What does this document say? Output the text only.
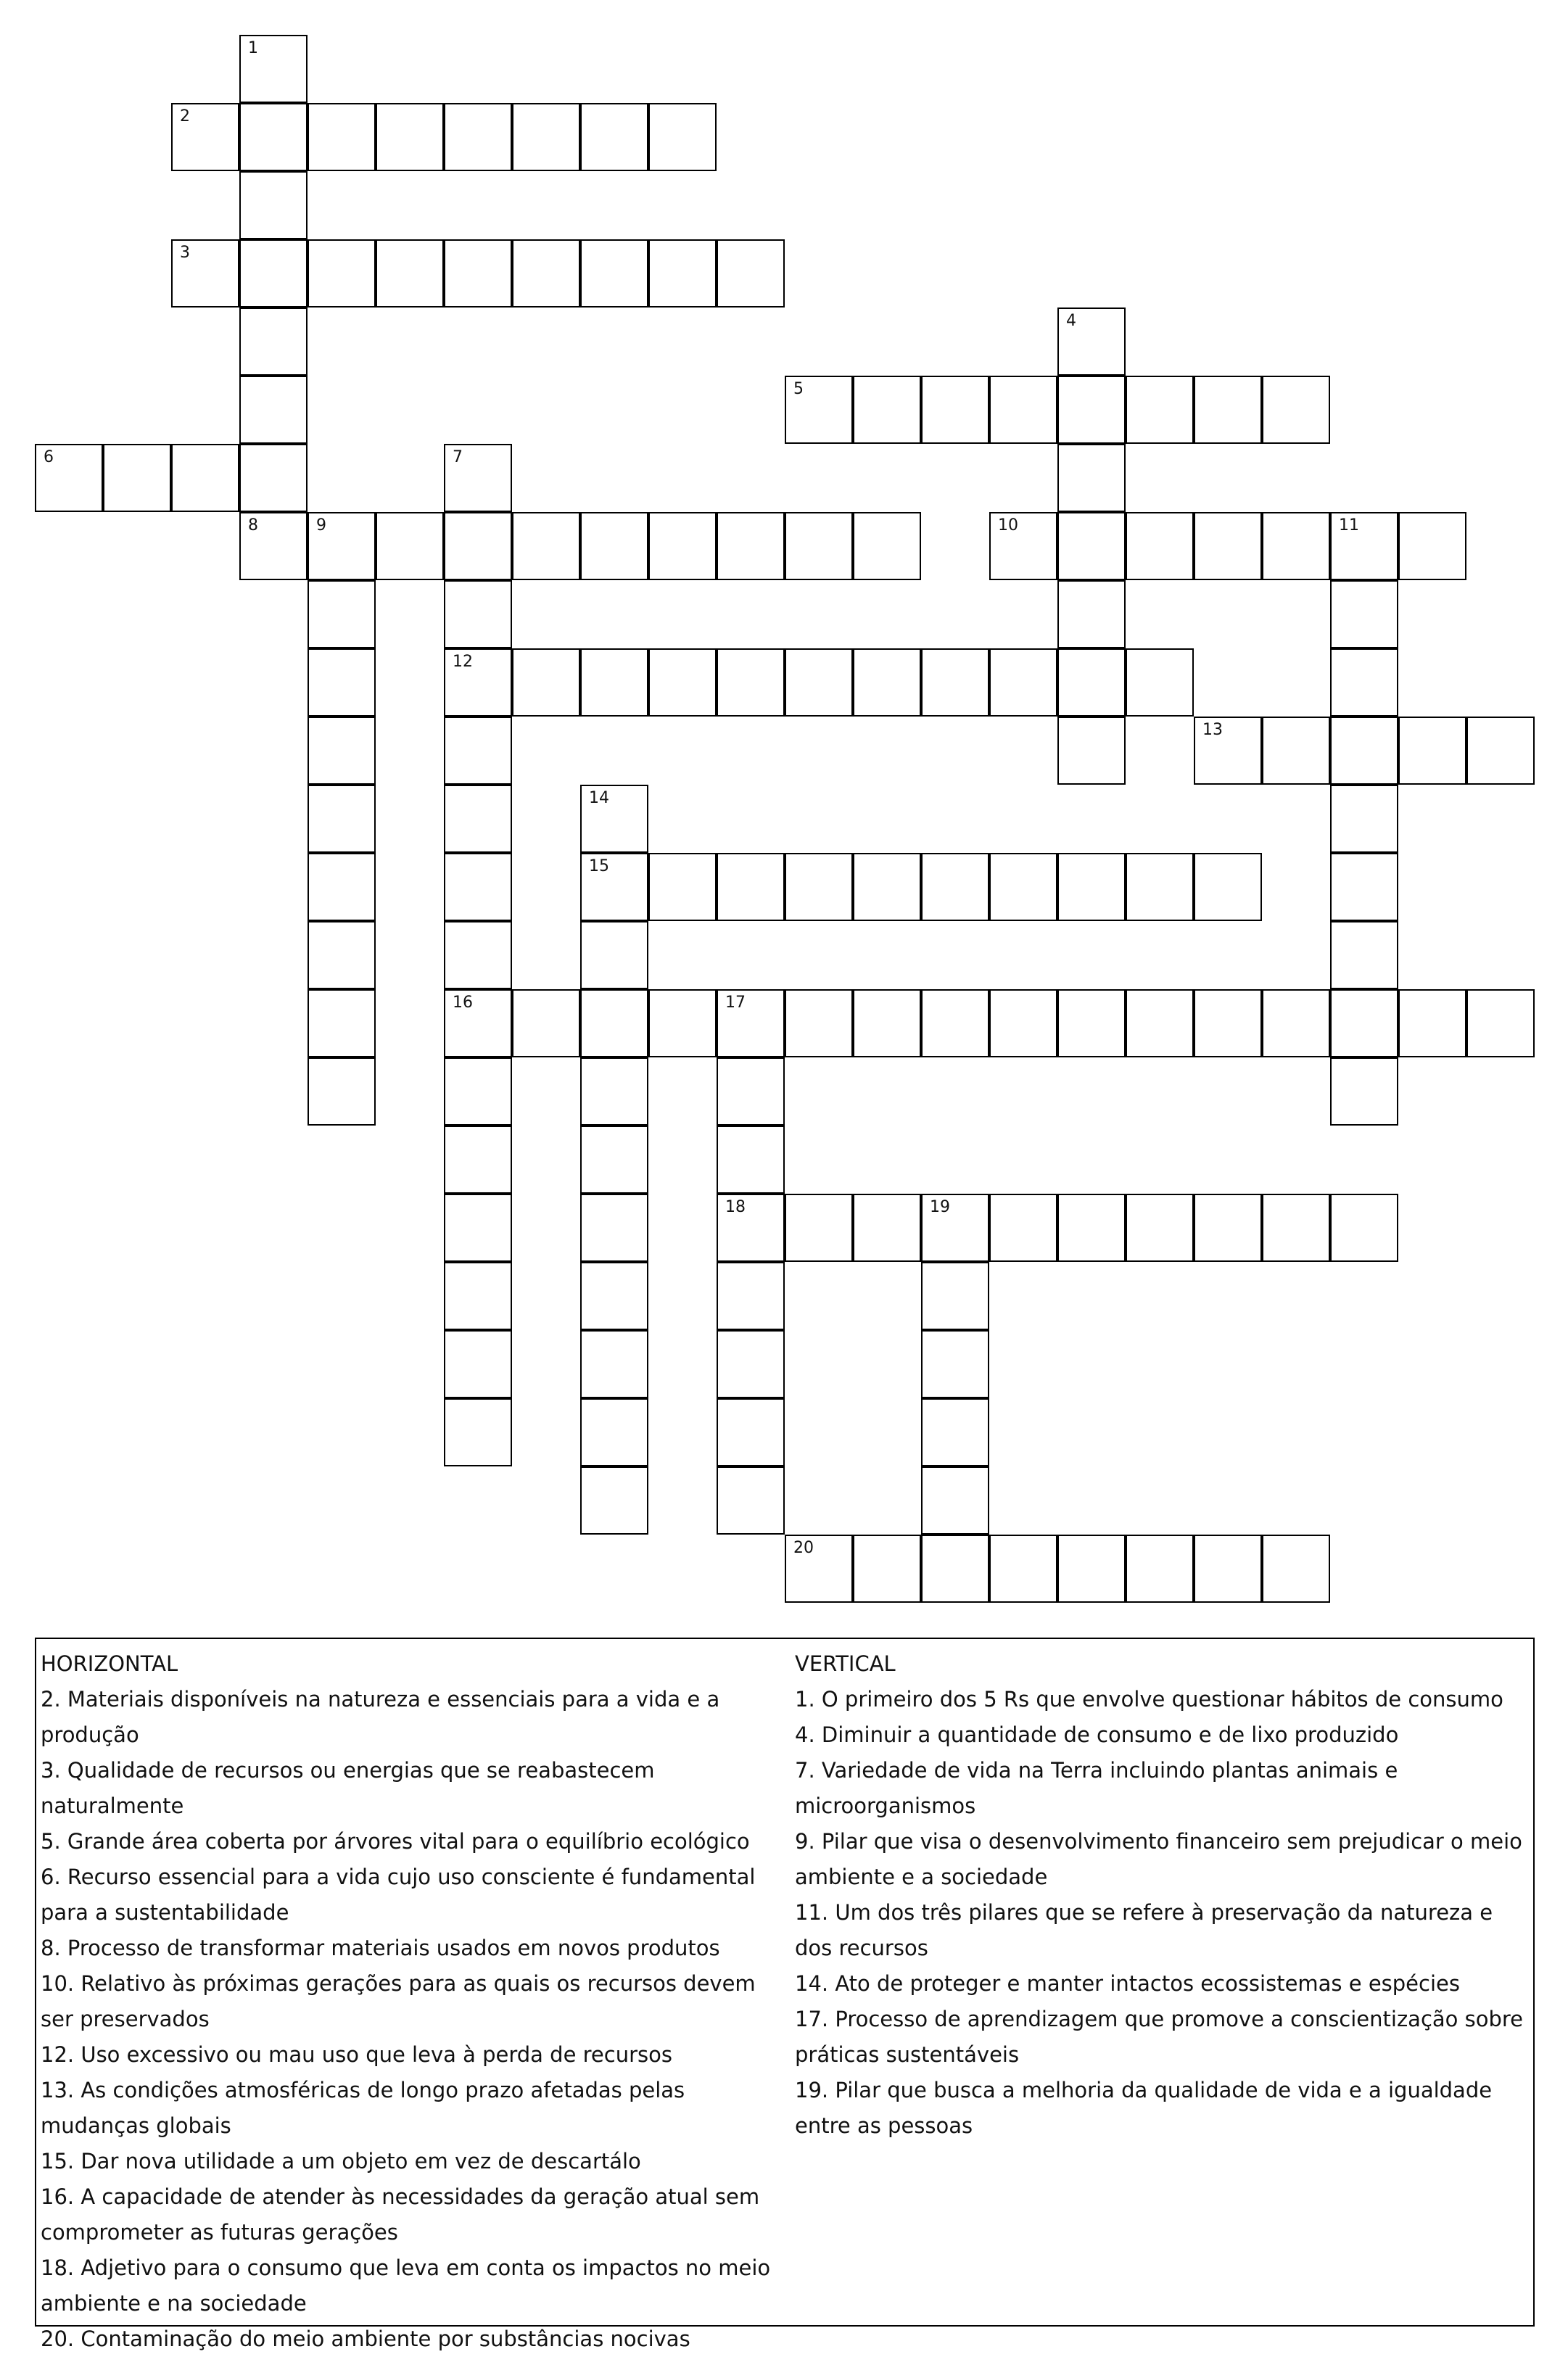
1
2
3
4
5
6	7
12
16
8	9	10	11
13
14
15
17
18	19
20
HORIZONTAL
2. Materiais disponíveis na natureza e essenciais para a vida e a produção
3. Qualidade de recursos ou energias que se reabastecem naturalmente
5. Grande área coberta por árvores vital para o equilíbrio ecológico
6. Recurso essencial para a vida cujo uso consciente é fundamental para a sustentabilidade
8. Processo de transformar materiais usados em novos produtos
10. Relativo às próximas gerações para as quais os recursos devem ser preservados
12. Uso excessivo ou mau uso que leva à perda de recursos
13. As condições atmosféricas de longo prazo afetadas pelas mudanças globais
15. Dar nova utilidade a um objeto em vez de descartálo
16. A capacidade de atender às necessidades da geração atual sem comprometer as futuras gerações
18. Adjetivo para o consumo que leva em conta os impactos no meio ambiente e na sociedade
20. Contaminação do meio ambiente por substâncias nocivas
VERTICAL
1. O primeiro dos 5 Rs que envolve questionar hábitos de consumo
4. Diminuir a quantidade de consumo e de lixo produzido
7. Variedade de vida na Terra incluindo plantas animais e microorganismos
9. Pilar que visa o desenvolvimento financeiro sem prejudicar o meio ambiente e a sociedade
11. Um dos três pilares que se refere à preservação da natureza e dos recursos
14. Ato de proteger e manter intactos ecossistemas e espécies
17. Processo de aprendizagem que promove a conscientização sobre práticas sustentáveis
19. Pilar que busca a melhoria da qualidade de vida e a igualdade entre as pessoas
